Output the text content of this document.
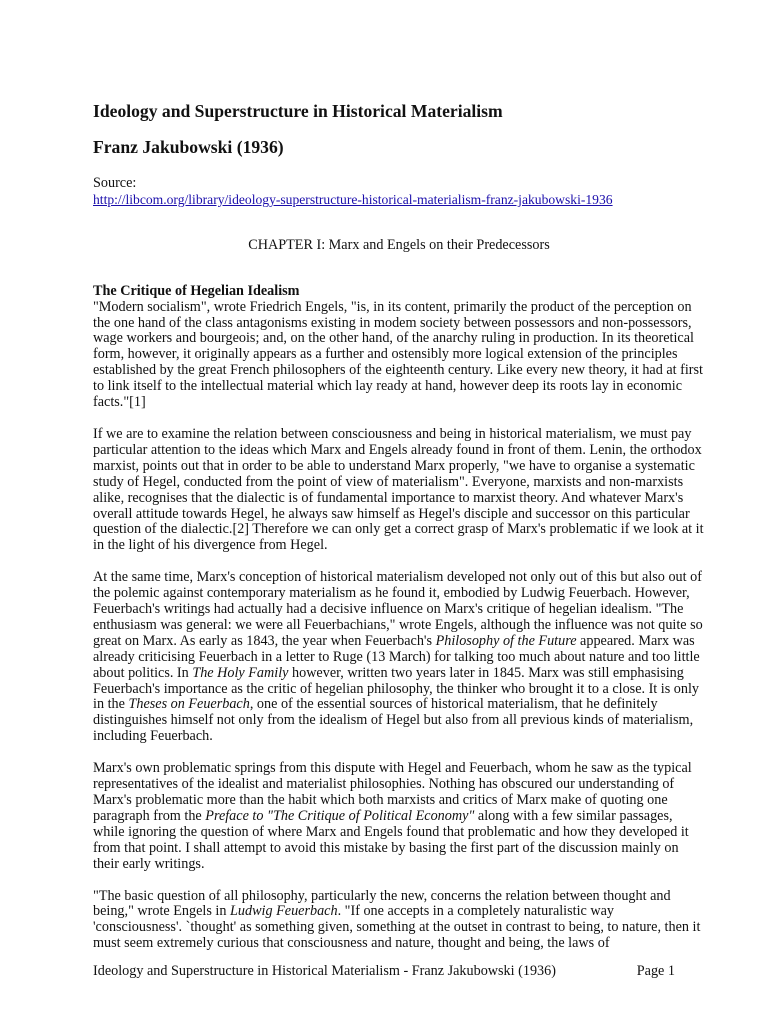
Ideology and Superstructure in Historical Materialism
Franz Jakubowski (1936)
Source:
http://libcom.org/library/ideology-superstructure-historical-materialism-franz-jakubowski-1936
CHAPTER I: Marx and Engels on their Predecessors
The Critique of Hegelian Idealism

"Modern socialism", wrote Friedrich Engels, "is, in its content, primarily the product of the perception on the one hand of the class antagonisms existing in modem society between possessors and non-possessors, wage workers and bourgeois; and, on the other hand, of the anarchy ruling in production. In its theoretical form, however, it originally appears as a further and ostensibly more logical extension of the principles established by the great French philosophers of the eighteenth century. Like every new theory, it had at first to link itself to the intellectual material which lay ready at hand, however deep its roots lay in economic facts."[1]

If we are to examine the relation between consciousness and being in historical materialism, we must pay particular attention to the ideas which Marx and Engels already found in front of them. Lenin, the orthodox marxist, points out that in order to be able to understand Marx properly, "we have to organise a systematic study of Hegel, conducted from the point of view of materialism". Everyone, marxists and non-marxists alike, recognises that the dialectic is of fundamental importance to marxist theory. And whatever Marx's overall attitude towards Hegel, he always saw himself as Hegel's disciple and successor on this particular question of the dialectic.[2] Therefore we can only get a correct grasp of Marx's problematic if we look at it in the light of his divergence from Hegel.

At the same time, Marx's conception of historical materialism developed not only out of this but also out of the polemic against contemporary materialism as he found it, embodied by Ludwig Feuerbach. However, Feuerbach's writings had actually had a decisive influence on Marx's critique of hegelian idealism. "The enthusiasm was general: we were all Feuerbachians," wrote Engels, although the influence was not quite so great on Marx. As early as 1843, the year when Feuerbach's Philosophy of the Future appeared. Marx was already criticising Feuerbach in a letter to Ruge (13 March) for talking too much about nature and too little about politics. In The Holy Family however, written two years later in 1845. Marx was still emphasising Feuerbach's importance as the critic of hegelian philosophy, the thinker who brought it to a close. It is only in the Theses on Feuerbach, one of the essential sources of historical materialism, that he definitely distinguishes himself not only from the idealism of Hegel but also from all previous kinds of materialism, including Feuerbach.

Marx's own problematic springs from this dispute with Hegel and Feuerbach, whom he saw as the typical representatives of the idealist and materialist philosophies. Nothing has obscured our understanding of Marx's problematic more than the habit which both marxists and critics of Marx make of quoting one paragraph from the Preface to "The Critique of Political Economy" along with a few similar passages, while ignoring the question of where Marx and Engels found that problematic and how they developed it from that point. I shall attempt to avoid this mistake by basing the first part of the discussion mainly on their early writings.

"The basic question of all philosophy, particularly the new, concerns the relation between thought and being," wrote Engels in Ludwig Feuerbach. "If one accepts in a completely naturalistic way 'consciousness'. `thought' as something given, something at the outset in contrast to being, to nature, then it must seem extremely curious that consciousness and nature, thought and being, the laws of

Ideology and Superstructure in Historical Materialism - Franz Jakubowski (1936)	Page 1
